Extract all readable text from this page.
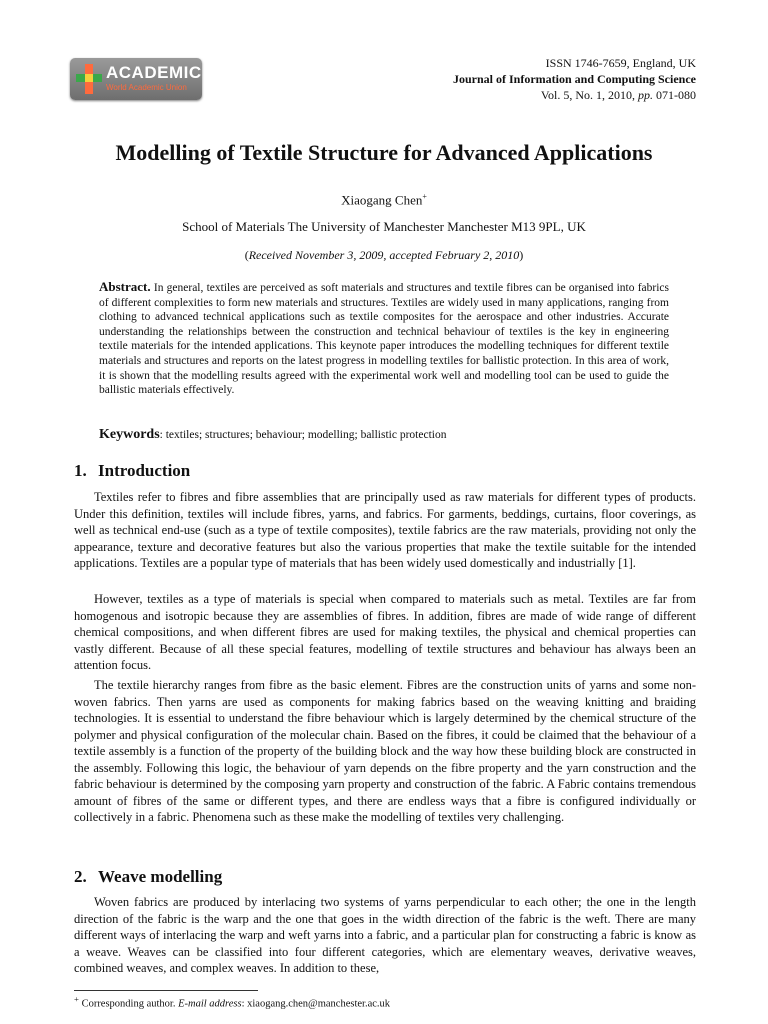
ACADEMIC
World Academic Union
ISSN 1746-7659, England, UK
Journal of Information and Computing Science
Vol. 5, No. 1, 2010, pp. 071-080
Modelling of Textile Structure for Advanced Applications
Xiaogang Chen+
School of Materials The University of Manchester Manchester M13 9PL, UK
(Received November 3, 2009, accepted February 2, 2010)
Abstract. In general, textiles are perceived as soft materials and structures and textile fibres can be organised into fabrics of different complexities to form new materials and structures. Textiles are widely used in many applications, ranging from clothing to advanced technical applications such as textile composites for the aerospace and other industries. Accurate understanding the relationships between the construction and technical behaviour of textiles is the key in engineering textile materials for the intended applications. This keynote paper introduces the modelling techniques for different textile materials and structures and reports on the latest progress in modelling textiles for ballistic protection. In this area of work, it is shown that the modelling results agreed with the experimental work well and modelling tool can be used to guide the ballistic materials effectively.
Keywords: textiles; structures; behaviour; modelling; ballistic protection
1. Introduction

Textiles refer to fibres and fibre assemblies that are principally used as raw materials for different types of products. Under this definition, textiles will include fibres, yarns, and fabrics. For garments, beddings, curtains, floor coverings, as well as technical end-use (such as a type of textile composites), textile fabrics are the raw materials, providing not only the appearance, texture and decorative features but also the various properties that make the textile suitable for the intended applications. Textiles are a popular type of materials that has been widely used domestically and industrially [1].

However, textiles as a type of materials is special when compared to materials such as metal. Textiles are far from homogenous and isotropic because they are assemblies of fibres. In addition, fibres are made of wide range of different chemical compositions, and when different fibres are used for making textiles, the physical and chemical properties can vastly different. Because of all these special features, modelling of textile structures and behaviour has always been an attention focus.

The textile hierarchy ranges from fibre as the basic element. Fibres are the construction units of yarns and some non-woven fabrics. Then yarns are used as components for making fabrics based on the weaving knitting and braiding technologies. It is essential to understand the fibre behaviour which is largely determined by the chemical structure of the polymer and physical configuration of the molecular chain. Based on the fibres, it could be claimed that the behaviour of a textile assembly is a function of the property of the building block and the way how these building block are constructed in the assembly. Following this logic, the behaviour of yarn depends on the fibre property and the yarn construction and the fabric behaviour is determined by the composing yarn property and construction of the fabric. A Fabric contains tremendous amount of fibres of the same or different types, and there are endless ways that a fibre is configured individually or collectively in a fabric. Phenomena such as these make the modelling of textiles very challenging.

2. Weave modelling

Woven fabrics are produced by interlacing two systems of yarns perpendicular to each other; the one in the length direction of the fabric is the warp and the one that goes in the width direction of the fabric is the weft. There are many different ways of interlacing the warp and weft yarns into a fabric, and a particular plan for constructing a fabric is know as a weave. Weaves can be classified into four different categories, which are elementary weaves, derivative weaves, combined weaves, and complex weaves. In addition to these,

+ Corresponding author. E-mail address: xiaogang.chen@manchester.ac.uk
